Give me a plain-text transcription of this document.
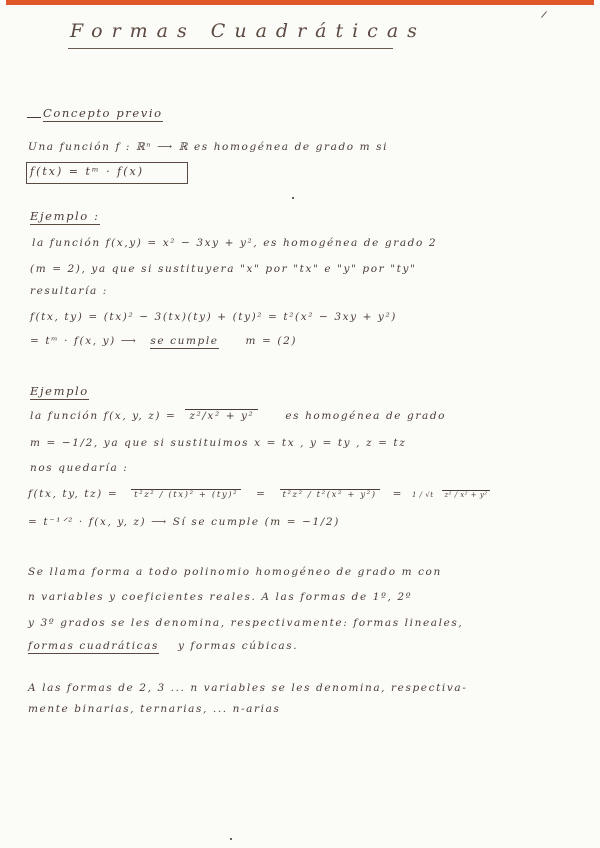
Formas Cuadráticas
Concepto previo
Una función f : ℝⁿ ⟶ ℝ es homogénea de grado m si
f(tx) = tᵐ · f(x)
Ejemplo :
la función f(x,y) = x² − 3xy + y², es homogénea de grado 2
(m = 2), ya que si sustituyera "x" por "tx" e "y" por "ty"
resultaría :
f(tx, ty) = (tx)² − 3(tx)(ty) + (ty)² = t²(x² − 3xy + y²)
= tᵐ · f(x, y) ⟶ se cumple	m = (2)
Ejemplo
la función f(x, y, z) = z²/x² + y²	es homogénea de grado
m = −1/2, ya que si sustituimos x = tx , y = ty , z = tz
nos quedaría :
f(tx, ty, tz) = t²z² / (tx)² + (ty)² = t²z² / t²(x² + y²) = 1 / √t z² / x² + y²
= t⁻¹ᐟ² · f(x, y, z) ⟶ Sí se cumple (m = −1/2)
Se llama forma a todo polinomio homogéneo de grado m con
n variables y coeficientes reales. A las formas de 1º, 2º
y 3º grados se les denomina, respectivamente: formas lineales,
formas cuadráticas y formas cúbicas.
A las formas de 2, 3 ... n variables se les denomina, respectiva-
mente binarias, ternarias, ... n-arias
